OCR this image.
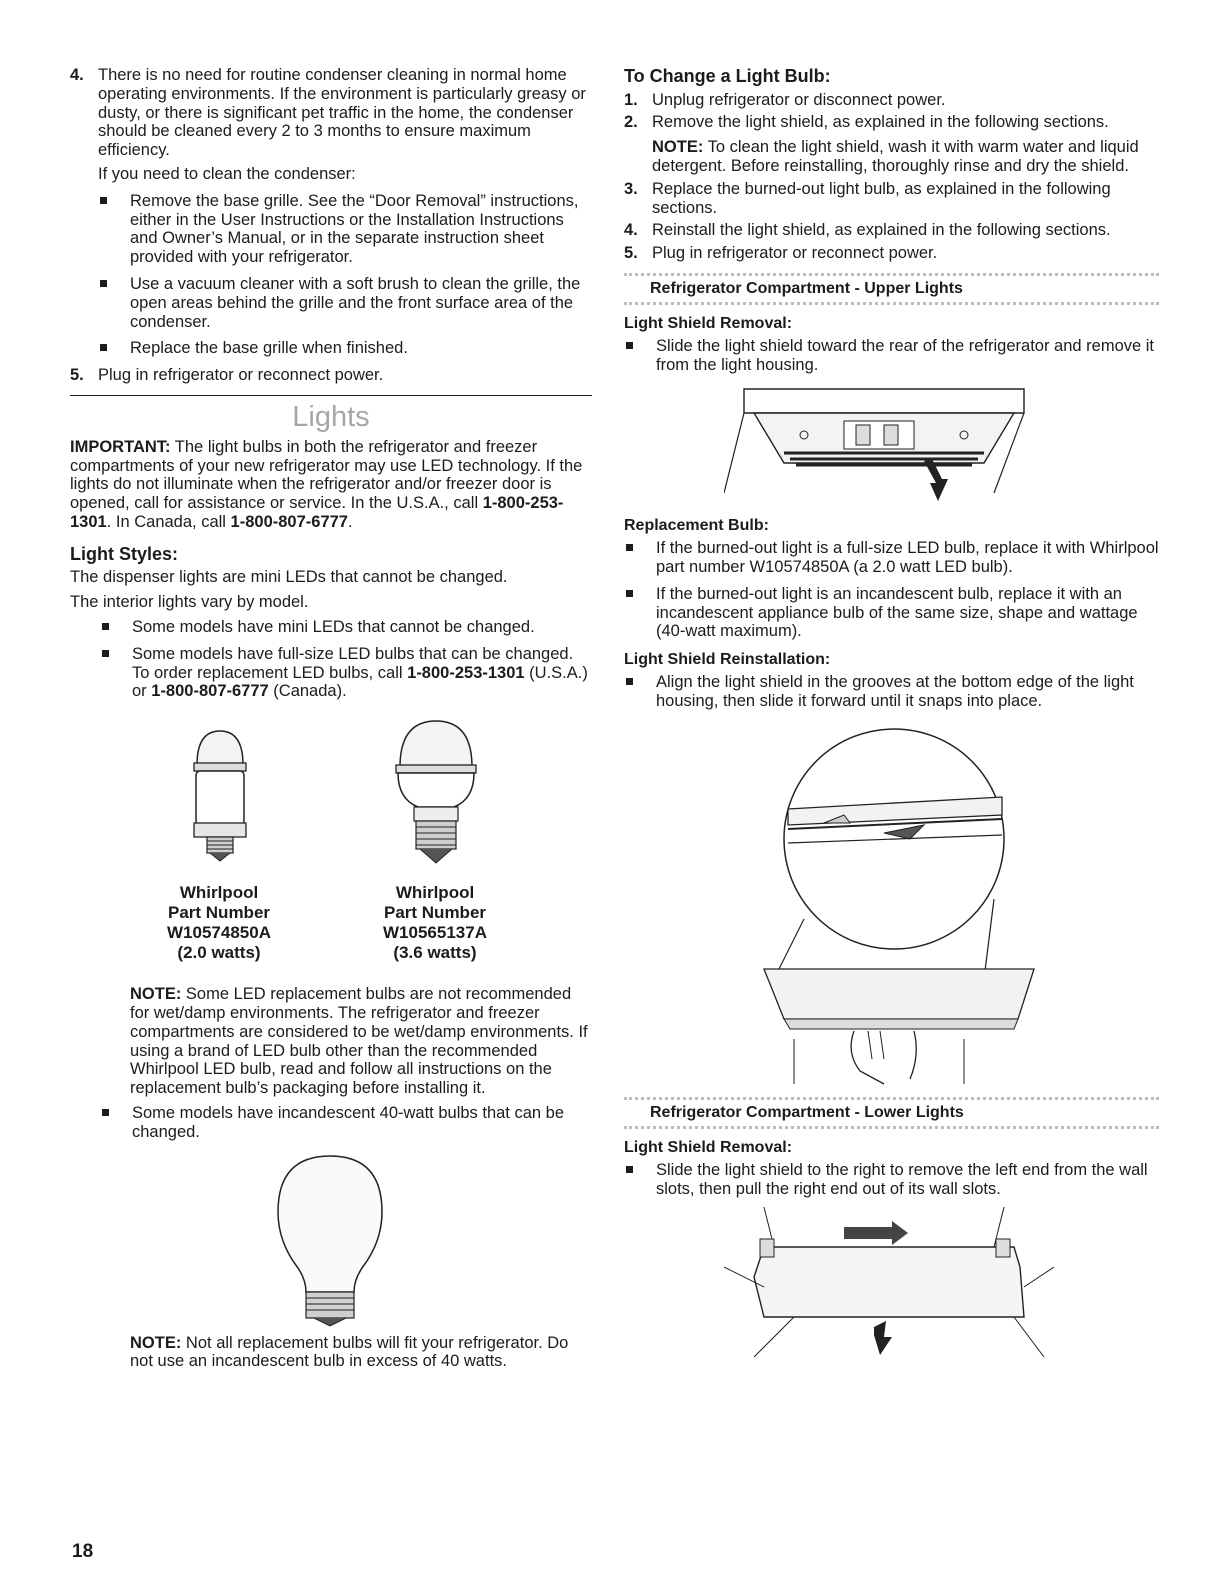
4. There is no need for routine condenser cleaning in normal home operating environments. If the environment is particularly greasy or dusty, or there is significant pet traffic in the home, the condenser should be cleaned every 2 to 3 months to ensure maximum efficiency.

If you need to clean the condenser:

Remove the base grille. See the “Door Removal” instructions, either in the User Instructions or the Installation Instructions and Owner’s Manual, or in the separate instruction sheet provided with your refrigerator.
Use a vacuum cleaner with a soft brush to clean the grille, the open areas behind the grille and the front surface area of the condenser.
Replace the base grille when finished.
5. Plug in refrigerator or reconnect power.

Lights

IMPORTANT: The light bulbs in both the refrigerator and freezer compartments of your new refrigerator may use LED technology. If the lights do not illuminate when the refrigerator and/or freezer door is opened, call for assistance or service. In the U.S.A., call 1-800-253-1301. In Canada, call 1-800-807-6777.

Light Styles:

The dispenser lights are mini LEDs that cannot be changed.

The interior lights vary by model.

Some models have mini LEDs that cannot be changed.
Some models have full-size LED bulbs that can be changed. To order replacement LED bulbs, call 1-800-253-1301 (U.S.A.) or 1-800-807-6777 (Canada).
Whirlpool
Part Number
W10574850A
(2.0 watts)
Whirlpool
Part Number
W10565137A
(3.6 watts)

NOTE: Some LED replacement bulbs are not recommended for wet/damp environments. The refrigerator and freezer compartments are considered to be wet/damp environments. If using a brand of LED bulb other than the recommended Whirlpool LED bulb, read and follow all instructions on the replacement bulb’s packaging before installing it.

Some models have incandescent 40-watt bulbs that can be changed.

NOTE: Not all replacement bulbs will fit your refrigerator. Do not use an incandescent bulb in excess of 40 watts.

To Change a Light Bulb:
1. Unplug refrigerator or disconnect power.

2. Remove the light shield, as explained in the following sections.

NOTE: To clean the light shield, wash it with warm water and liquid detergent. Before reinstalling, thoroughly rinse and dry the shield.

3. Replace the burned-out light bulb, as explained in the following sections.

4. Reinstall the light shield, as explained in the following sections.

5. Plug in refrigerator or reconnect power.

Refrigerator Compartment - Upper Lights
Light Shield Removal:
Slide the light shield toward the rear of the refrigerator and remove it from the light housing.
Replacement Bulb:
If the burned-out light is a full-size LED bulb, replace it with Whirlpool part number W10574850A (a 2.0 watt LED bulb).
If the burned-out light is an incandescent bulb, replace it with an incandescent appliance bulb of the same size, shape and wattage (40-watt maximum).
Light Shield Reinstallation:
Align the light shield in the grooves at the bottom edge of the light housing, then slide it forward until it snaps into place.
Refrigerator Compartment - Lower Lights
Light Shield Removal:
Slide the light shield to the right to remove the left end from the wall slots, then pull the right end out of its wall slots.
18
